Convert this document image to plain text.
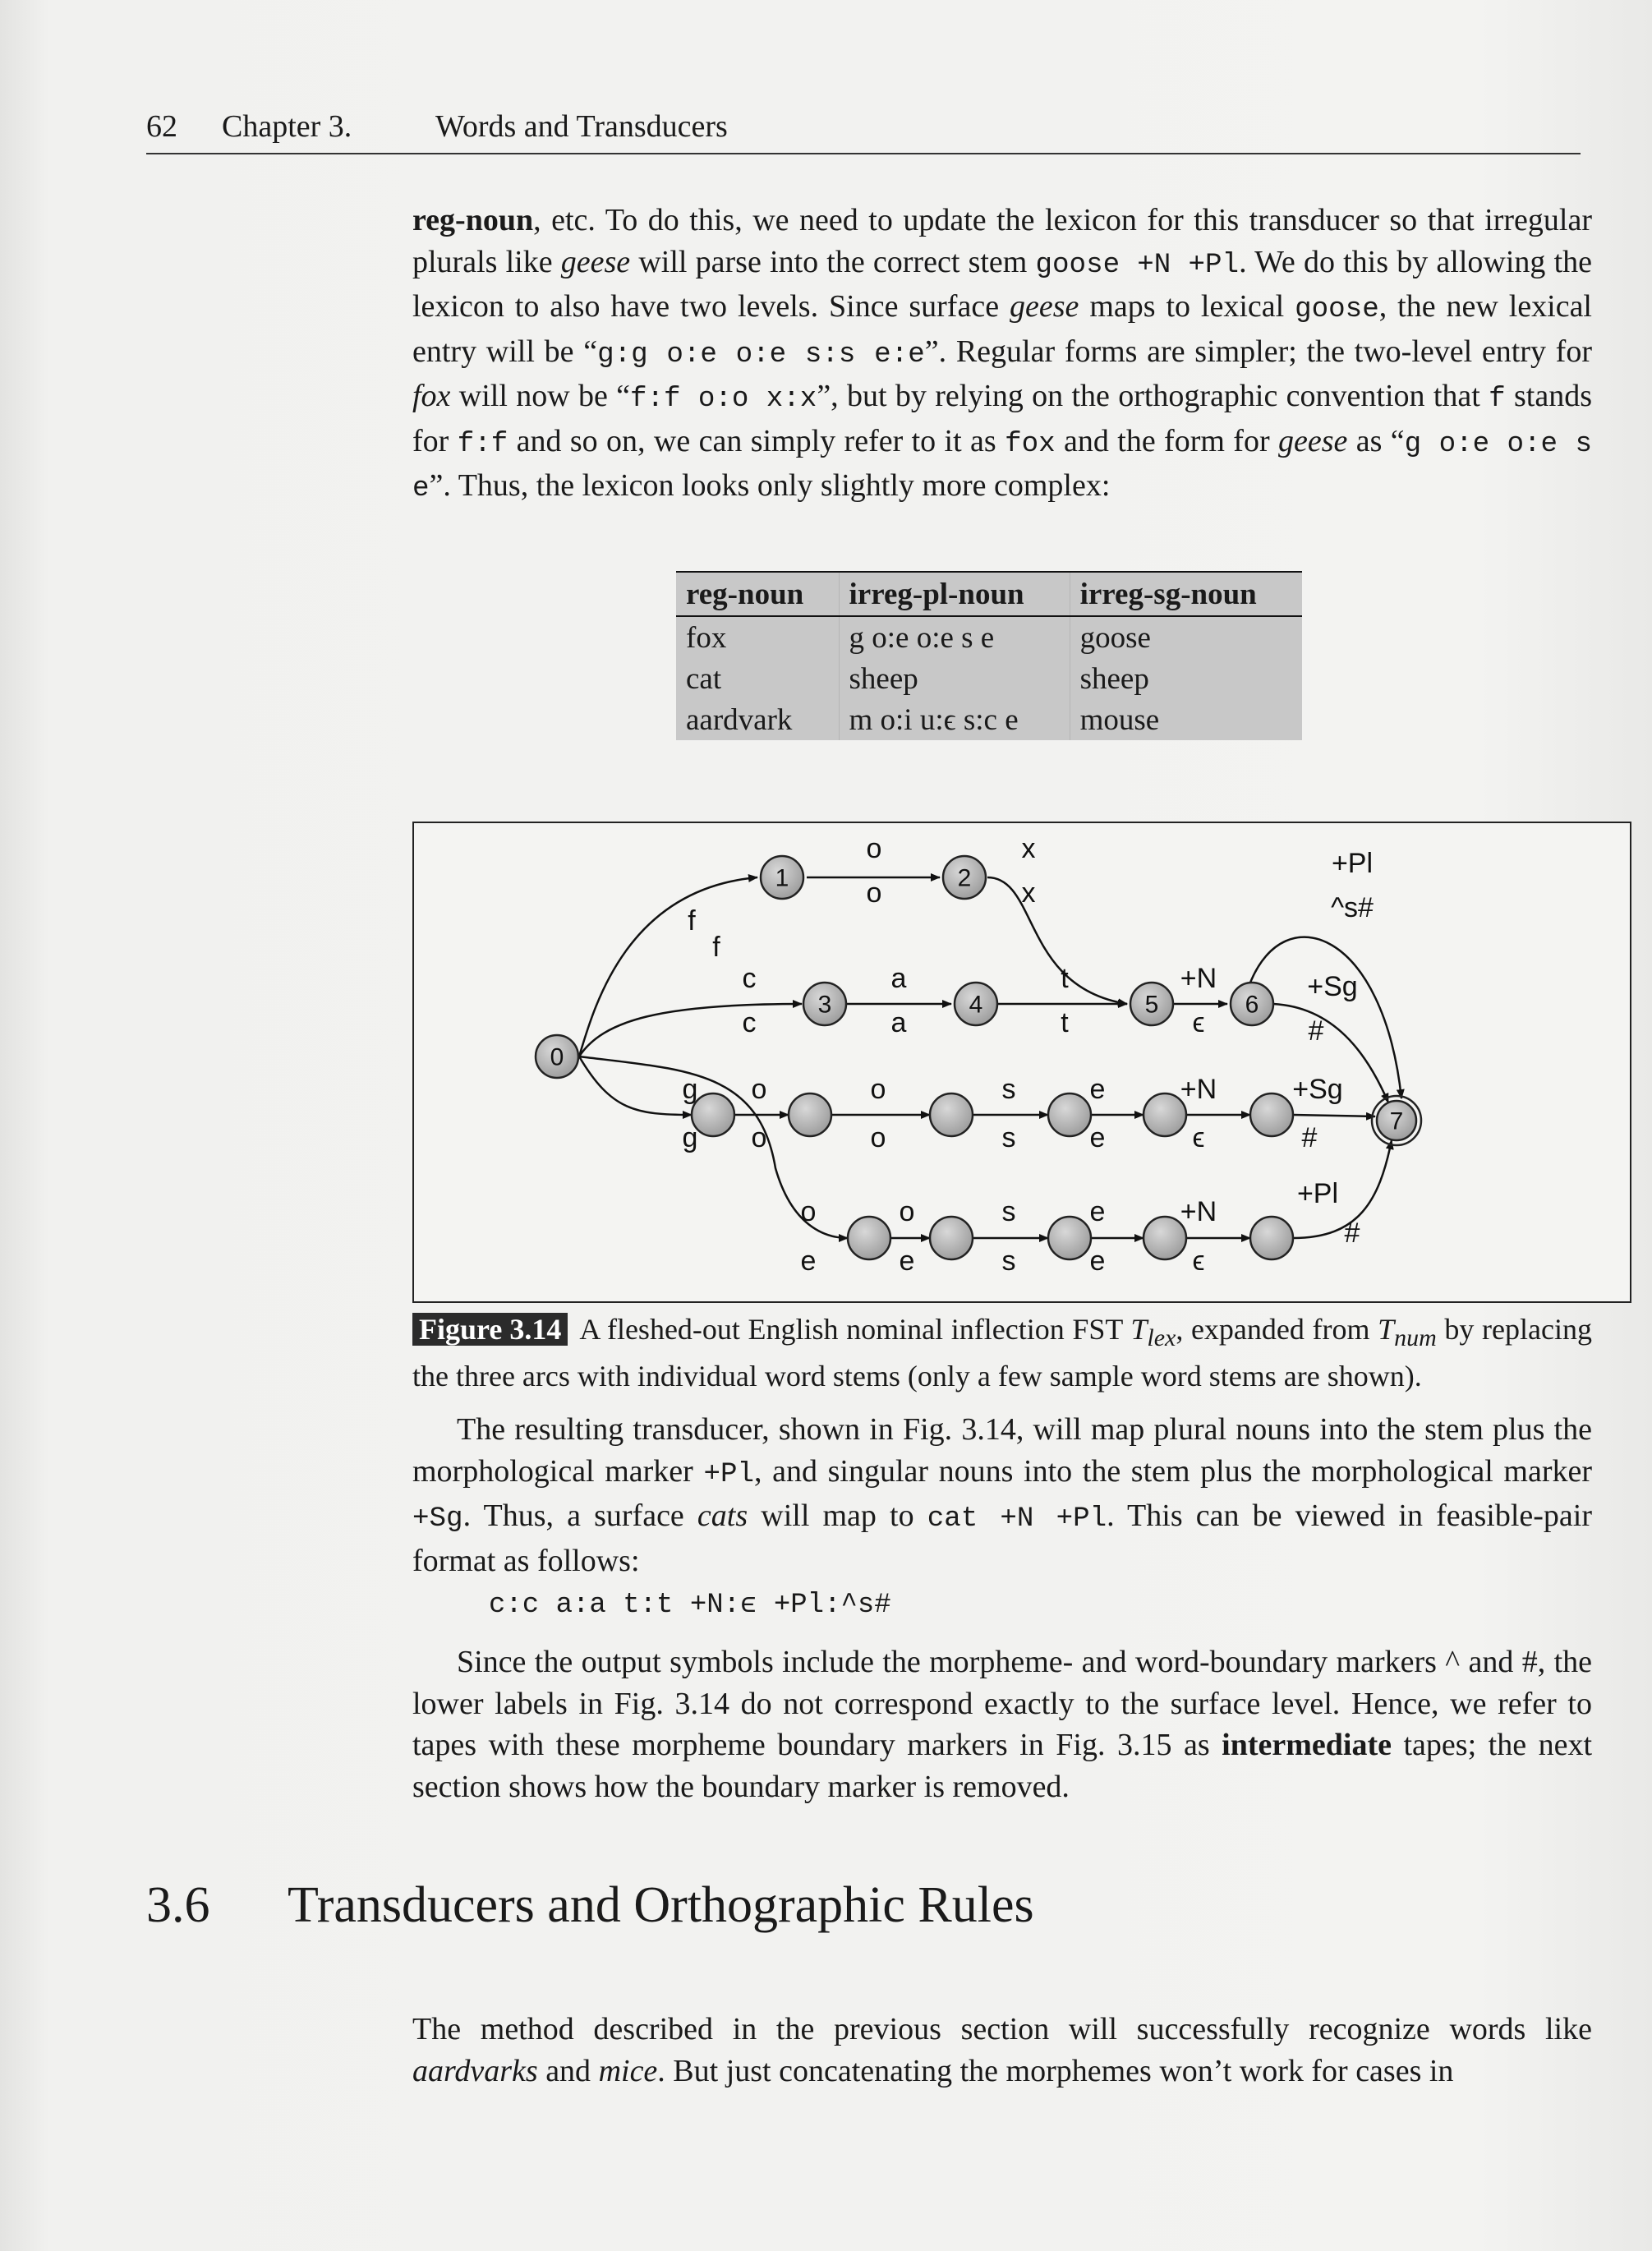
62 Chapter 3.	Words and Transducers
reg-noun, etc. To do this, we need to update the lexicon for this transducer so that irregular plurals like geese will parse into the correct stem goose +N +Pl. We do this by allowing the lexicon to also have two levels. Since surface geese maps to lexical goose, the new lexical entry will be “g:g o:e o:e s:s e:e”. Regular forms are simpler; the two-level entry for fox will now be “f:f o:o x:x”, but by relying on the orthographic convention that f stands for f:f and so on, we can simply refer to it as fox and the form for geese as “g o:e o:e s e”. Thus, the lexicon looks only slightly more complex:
reg-noun	irreg-pl-noun	irreg-sg-noun
fox	g o:e o:e s e	goose
cat	sheep	sheep
aardvark	m o:i u:ϵ s:c e	mouse
0
1	2
3	4	5	6
7
f
f
o
o
x
x
c
c
a
a
t
t
+N
ϵ
+Pl
^s#
+Sg
#
g
g
o
o
o
o
s
s
e
e
+N
ϵ
+Sg
#
o
e
o
e
s
s
e
e
+N
ϵ
+Pl
#
Figure 3.14 A fleshed-out English nominal inflection FST $T_{lex}$, expanded from $T_{num}$ by replacing the three arcs with individual word stems (only a few sample word stems are shown).
The resulting transducer, shown in Fig. 3.14, will map plural nouns into the stem plus the morphological marker +Pl, and singular nouns into the stem plus the morphological marker +Sg. Thus, a surface cats will map to cat +N +Pl. This can be viewed in feasible-pair format as follows:
c:c a:a t:t +N:ϵ +Pl:^s#
Since the output symbols include the morpheme- and word-boundary markers ^ and #, the lower labels in Fig. 3.14 do not correspond exactly to the surface level. Hence, we refer to tapes with these morpheme boundary markers in Fig. 3.15 as intermediate tapes; the next section shows how the boundary marker is removed.
3.6 Transducers and Orthographic Rules
The method described in the previous section will successfully recognize words like aardvarks and mice. But just concatenating the morphemes won’t work for cases in
